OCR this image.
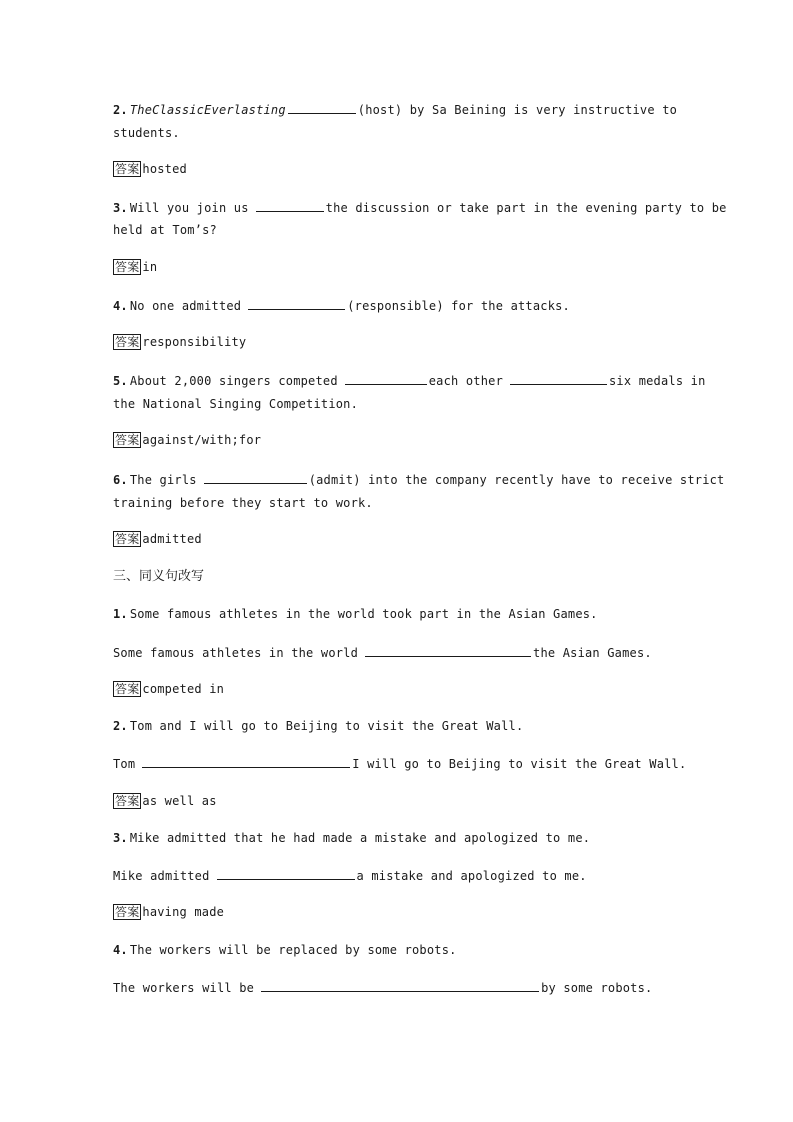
2. TheClassicEverlasting	(host) by Sa Beining is very instructive to
students.
答案 hosted
3. Will you join us	the discussion or take part in the evening party to be
held at Tom’s?
答案 in
4. No one admitted	(responsible) for the attacks.
答案 responsibility
5. About 2,000 singers competed	each other	six medals in
the National Singing Competition.
答案 against/with;for
6. The girls	(admit) into the company recently have to receive strict
training before they start to work.
答案 admitted
三、同义句改写
1. Some famous athletes in the world took part in the Asian Games.
Some famous athletes in the world	the Asian Games.
答案 competed in
2. Tom and I will go to Beijing to visit the Great Wall.
Tom	I will go to Beijing to visit the Great Wall.
答案 as well as
3. Mike admitted that he had made a mistake and apologized to me.
Mike admitted	a mistake and apologized to me.
答案 having made
4. The workers will be replaced by some robots.
The workers will be	by some robots.
